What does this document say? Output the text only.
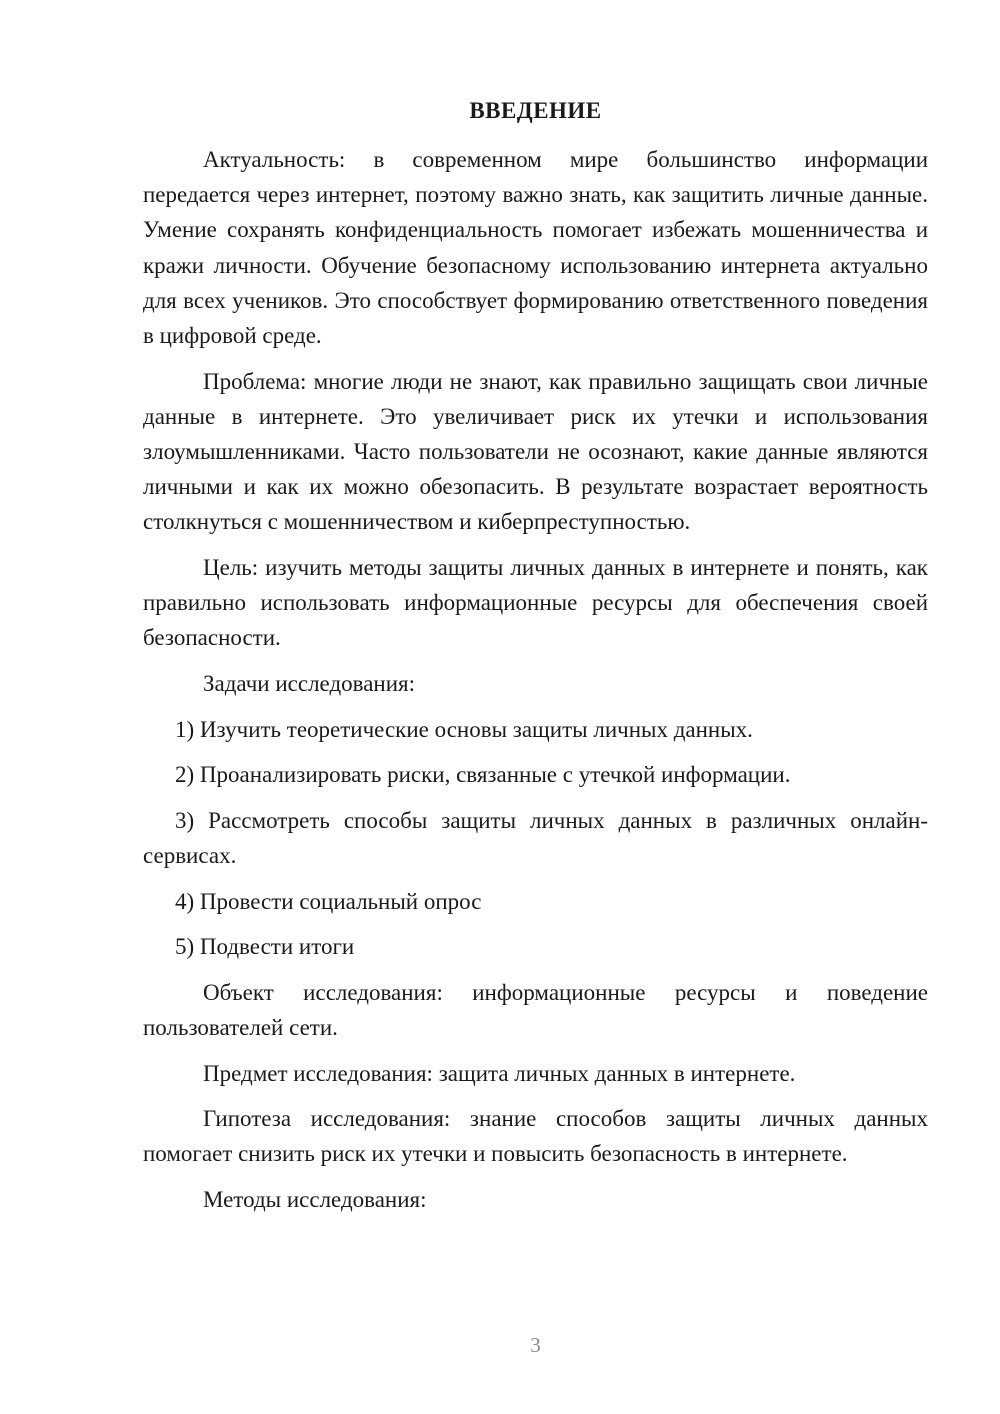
ВВЕДЕНИЕ

Актуальность: в современном мире большинство информации передается через интернет, поэтому важно знать, как защитить личные данные. Умение сохранять конфиденциальность помогает избежать мошенничества и кражи личности. Обучение безопасному использованию интернета актуально для всех учеников. Это способствует формированию ответственного поведения в цифровой среде.

Проблема: многие люди не знают, как правильно защищать свои личные данные в интернете. Это увеличивает риск их утечки и использования злоумышленниками. Часто пользователи не осознают, какие данные являются личными и как их можно обезопасить. В результате возрастает вероятность столкнуться с мошенничеством и киберпреступностью.

Цель: изучить методы защиты личных данных в интернете и понять, как правильно использовать информационные ресурсы для обеспечения своей безопасности.

Задачи исследования:

1) Изучить теоретические основы защиты личных данных.

2) Проанализировать риски, связанные с утечкой информации.

3) Рассмотреть способы защиты личных данных в различных онлайн-сервисах.

4) Провести социальный опрос

5) Подвести итоги

Объект исследования: информационные ресурсы и поведение пользователей сети.

Предмет исследования: защита личных данных в интернете.

Гипотеза исследования: знание способов защиты личных данных помогает снизить риск их утечки и повысить безопасность в интернете.

Методы исследования:

3
